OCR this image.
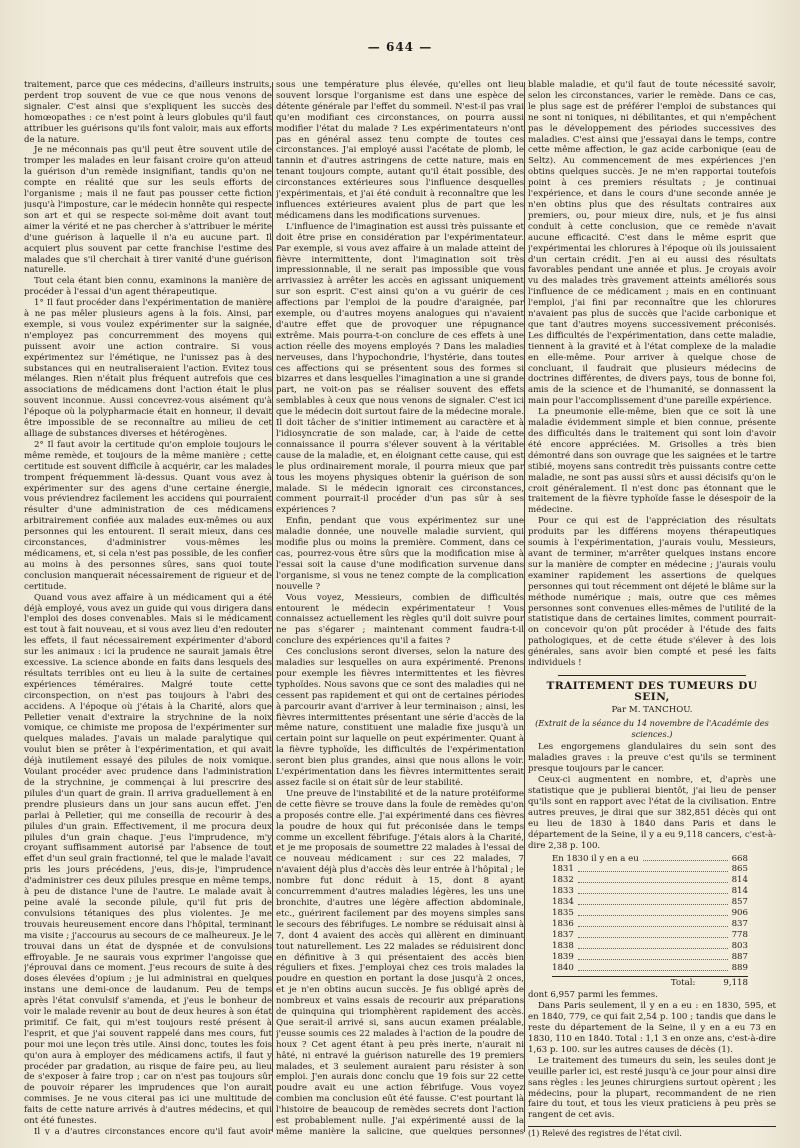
— 644 —

traitement, parce que ces médecins, d'ailleurs instruits, perdent trop souvent de vue ce que nous venons de signaler. C'est ainsi que s'expliquent les succès des homœopathes : ce n'est point à leurs globules qu'il faut attribuer les guérisons qu'ils font valoir, mais aux efforts de la nature.

Je ne méconnais pas qu'il peut être souvent utile de tromper les malades en leur faisant croire qu'on atteud la guérison d'un remède insignifiant, tandis qu'on ne compte en réalité que sur les seuls efforts de l'organisme ; mais il ne faut pas pousser cette fiction jusqu'à l'imposture, car le médecin honnête qui respecte son art et qui se respecte soi-même doit avant tout aimer la vérité et ne pas chercher à s'attribuer le mérite d'une guérison à laquelle il n'a eu aucune part. Il acquiert plus souvent par cette franchise l'estime des malades que s'il cherchait à tirer vanité d'une guérison naturelle.

Tout cela étant bien connu, examinons la manière de procéder à l'essai d'un agent thérapeutique.

1° Il faut procéder dans l'expérimentation de manière à ne pas mêler plusieurs agens à la fois. Ainsi, par exemple, si vous voulez expérimenter sur la saignée, n'employez pas concurremment des moyens qui puissent avoir une action contraire. Si vous expérimentez sur l'émétique, ne l'unissez pas à des substances qui en neutraliseraient l'action. Evitez tous mélanges. Rien n'était plus fréquent autrefois que ces associations de médicamens dont l'action était le plus souvent inconnue. Aussi concevrez-vous aisément qu'à l'époque où la polypharmacie était en honneur, il devait être impossible de se reconnaître au milieu de cet alliage de substances diverses et hétérogènes.

2° Il faut avoir la certitude qu'on emploie toujours le même remède, et toujours de la même manière ; cette certitude est souvent difficile à acquérir, car les malades trompent fréquemment là-dessus. Quant vous avez à expérimenter sur des agens d'une certaine énergie, vous préviendrez facilement les accidens qui pourraient résulter d'une administration de ces médicamens arbitrairement confiée aux malades eux-mêmes ou aux personnes qui les entourent. Il serait mieux, dans ces circonstances, d'administrer vous-mêmes les médicamens, et, si cela n'est pas possible, de les confier au moins à des personnes sûres, sans quoi toute conclusion manquerait nécessairement de rigueur et de certitude.

Quand vous avez affaire à un médicament qui a été déjà employé, vous avez un guide qui vous dirigera dans l'emploi des doses convenables. Mais si le médicament est tout à fait nouveau, et si vous avez lieu d'en redouter les effets, il faut nécessairement expérimenter d'abord sur les animaux : ici la prudence ne saurait jamais être excessive. La science abonde en faits dans lesquels des résultats terribles ont eu lieu à la suite de certaines expériences téméraires. Malgré toute cette circonspection, on n'est pas toujours à l'abri des accidens. A l'époque où j'étais à la Charité, alors que Pelletier venait d'extraire la strychnine de la noix vomique, ce chimiste me proposa de l'expérimenter sur quelques malades. J'avais un malade paralytique qui voulut bien se prêter à l'expérimentation, et qui avait déjà inutilement essayé des pilules de noix vomique. Voulant procéder avec prudence dans l'administration de la strychnine, je commençai à lui prescrire des pilules d'un quart de grain. Il arriva graduellement à en prendre plusieurs dans un jour sans aucun effet. J'en parlai à Pelletier, qui me conseilla de recourir à des pilules d'un grain. Effectivement, il me procura deux pilules d'un grain chaque. J'eus l'imprudence, m'y croyant suffisamment autorisé par l'absence de tout effet d'un seul grain fractionné, tel que le malade l'avait pris les jours précédens, j'eus, dis-je, l'imprudence d'administrer ces deux pilules presque en même temps, à peu de distance l'une de l'autre. Le malade avait à peine avalé la seconde pilule, qu'il fut pris de convulsions tétaniques des plus violentes. Je me trouvais heureusement encore dans l'hôpital, terminant ma visite ; j'accourus au secours de ce malheureux. Je le trouvai dans un état de dyspnée et de convulsions effroyable. Je ne saurais vous exprimer l'angoisse que j'éprouvai dans ce moment. J'eus recours de suite à des doses élevées d'opium ; je lui administrai en quelques instans une demi-once de laudanum. Peu de temps après l'état convulsif s'amenda, et j'eus le bonheur de voir le malade revenir au bout de deux heures à son état primitif. Ce fait, qui m'est toujours resté présent à l'esprit, et que j'ai souvent rappelé dans mes cours, fut pour moi une leçon très utile. Ainsi donc, toutes les fois qu'on aura à employer des médicamens actifs, il faut y procéder par gradation, au risque de faire peu, au lieu de s'exposer à faire trop ; car on n'est pas toujours sûr de pouvoir réparer les imprudences que l'on aurait commises. Je ne vous citerai pas ici une multitude de faits de cette nature arrivés à d'autres médecins, et qui ont été funestes.

Il y a d'autres circonstances encore qu'il faut avoir

sous une température plus élevée, qu'elles ont lieu souvent lorsque l'organisme est dans une espèce de détente générale par l'effet du sommeil. N'est-il pas vrai qu'en modifiant ces circonstances, on pourra aussi modifier l'état du malade ? Les expérimentateurs n'ont pas en général assez tenu compte de toutes ces circonstances. J'ai employé aussi l'acétate de plomb, le tannin et d'autres astringens de cette nature, mais en tenant toujours compte, autant qu'il était possible, des circonstances extérieures sous l'influence desquelles j'expérimentais, et j'ai été conduit à reconnaître que les influences extérieures avaient plus de part que les médicamens dans les modifications survenues.

L'influence de l'imagination est aussi très puissante et doit être prise en considération par l'expérimentateur. Par exemple, si vous avez affaire à un malade atteint de fièvre intermittente, dont l'imagination soit très impressionnable, il ne serait pas impossible que vous arrivassiez à arrêter les accès en agissant uniquement sur son esprit. C'est ainsi qu'on a vu guérir de ces affections par l'emploi de la poudre d'araignée, par exemple, ou d'autres moyens analogues qui n'avaient d'autre effet que de provoquer une répugnance extrême. Mais pourra-t-on conclure de ces effets à une action réelle des moyens employés ? Dans les maladies nerveuses, dans l'hypochondrie, l'hystérie, dans toutes ces affections qui se présentent sous des formes si bizarres et dans lesquelles l'imagination a une si grande part, ne voit-on pas se réaliser souvent des effets semblables à ceux que nous venons de signaler. C'est ici que le médecin doit surtout faire de la médecine morale. Il doit tâcher de s'initier intimement au caractère et à l'idiosyncratie de son malade, car, à l'aide de cette connaissance il pourra s'élever souvent à la véritable cause de la maladie, et, en éloignant cette cause, qui est le plus ordinairement morale, il pourra mieux que par tous les moyens physiques obtenir la guérison de son malade. Si le médecin ignorait ces circonstances, comment pourrait-il procéder d'un pas sûr à ses expériences ?

Enfin, pendant que vous expérimentez sur une maladie donnée, une nouvelle maladie survient, qui modifie plus ou moins la première. Comment, dans ce cas, pourrez-vous être sûrs que la modification mise à l'essai soit la cause d'une modification survenue dans l'organisme, si vous ne tenez compte de la complication nouvelle ?

Vous voyez, Messieurs, combien de difficultés entourent le médecin expérimentateur ! Vous connaissez actuellement les règles qu'il doit suivre pour ne pas s'égarer ; maintenant comment faudra-t-il conclure des expériences qu'il a faites ?

Ces conclusions seront diverses, selon la nature des maladies sur lesquelles on aura expérimenté. Prenons pour exemple les fièvres intermittentes et les fièvres typhoïdes. Nous savons que ce sont des maladies qui ne cessent pas rapidement et qui ont de certaines périodes à parcourir avant d'arriver à leur terminaison ; ainsi, les fièvres intermittentes présentant une série d'accès de la même nature, constituent une maladie fixe jusqu'à un certain point sur laquelle on peut expérimenter. Quant à la fièvre typhoïde, les difficultés de l'expérimentation seront bien plus grandes, ainsi que nous allons le voir. L'expérimentation dans les fièvres intermittentes serait assez facile si on était sûr de leur stabilité.

Une preuve de l'instabilité et de la nature protéiforme de cette fièvre se trouve dans la foule de remèdes qu'on a proposés contre elle. J'ai expérimenté dans ces fièvres la poudre de houx qui fut préconisée dans le temps comme un excellent fébrifuge. J'étais alors à la Charité, et je me proposais de soumettre 22 malades à l'essai de ce nouveau médicament : sur ces 22 malades, 7 n'avaient déjà plus d'accès dès leur entrée à l'hôpital ; le nombre fut donc réduit à 15, dont 8 ayant concurremment d'autres maladies légères, les uns une bronchite, d'autres une légère affection abdominale, etc., guérirent facilement par des moyens simples sans le secours des fébrifuges. Le nombre se réduisait ainsi à 7, dont 4 avaient des accès qui allèrent en diminuant tout naturellement. Les 22 malades se réduisirent donc en définitive à 3 qui présentaient des accès bien réguliers et fixes. J'employai chez ces trois malades la poudre en question en portant la dose jusqu'à 2 onces, et je n'en obtins aucun succès. Je fus obligé après de nombreux et vains essais de recourir aux préparations de quinquina qui triomphèrent rapidement des accès. Que serait-il arrivé si, sans aucun examen préalable, j'eusse soumis ces 22 malades à l'action de la poudre de houx ? Cet agent étant à peu près inerte, n'aurait ni hâté, ni entravé la guérison naturelle des 19 premiers malades, et 3 seulement auraient paru résister à son emploi. J'en aurais donc conclu que 19 fois sur 22 cette poudre avait eu une action fébrifuge. Vous voyez combien ma conclusion eût été fausse. C'est pourtant là l'histoire de beaucoup de remèdes secrets dont l'action est probablement nulle. J'ai expérimenté aussi de la même manière la salicine, que quelques personnes

blable maladie, et qu'il faut de toute nécessité savoir, selon les circonstances, varier le remède. Dans ce cas, le plus sage est de préférer l'emploi de substances qui ne sont ni toniques, ni débilitantes, et qui n'empêchent pas le développement des périodes successives des maladies. C'est ainsi que j'essayai dans le temps, contre cette même affection, le gaz acide carbonique (eau de Seltz). Au commencement de mes expériences j'en obtins quelques succès. Je ne m'en rapportai toutefois point à ces premiers résultats ; je continuai l'expérience, et dans le cours d'une seconde année je n'en obtins plus que des résultats contraires aux premiers, ou, pour mieux dire, nuls, et je fus ainsi conduit à cette conclusion, que ce remède n'avait aucune efficacité. C'est dans le même esprit que j'expérimentai les chlorures à l'époque où ils jouissaient d'un certain crédit. J'en ai eu aussi des résultats favorables pendant une année et plus. Je croyais avoir vu des malades très gravement atteints améliorés sous l'influence de ce médicament ; mais en en continuant l'emploi, j'ai fini par reconnaître que les chlorures n'avaient pas plus de succès que l'acide carbonique et que tant d'autres moyens successivement préconisés. Les difficultés de l'expérimentation, dans cette maladie, tiennent à la gravité et à l'état complexe de la maladie en elle-même. Pour arriver à quelque chose de concluant, il faudrait que plusieurs médecins de doctrines différentes, de divers pays, tous de bonne foi, amis de la science et de l'humanité, se donnassent la main pour l'accomplissement d'une pareille expérience.

La pneumonie elle-même, bien que ce soit là une maladie évidemment simple et bien connue, présente des difficultés dans le traitement qui sont loin d'avoir été encore appréciées. M. Grisolles a très bien démontré dans son ouvrage que les saignées et le tartre stibié, moyens sans contredit très puissants contre cette maladie, ne sont pas aussi sûrs et aussi décisifs qu'on le croit généralement. Il n'est donc pas étonnant que le traitement de la fièvre typhoïde fasse le désespoir de la médecine.

Pour ce qui est de l'appréciation des résultats produits par les différens moyens thérapeutiques soumis à l'expérimentation, j'aurais voulu, Messieurs, avant de terminer, m'arrêter quelques instans encore sur la manière de compter en médecine ; j'aurais voulu examiner rapidement les assertions de quelques personnes qui tout récemment ont déjeté le blâme sur la méthode numérique ; mais, outre que ces mêmes personnes sont convenues elles-mêmes de l'utilité de la statistique dans de certaines limites, comment pourrait-on concevoir qu'on pût procéder à l'étude des faits pathologiques, et de cette étude s'élever à des lois générales, sans avoir bien compté et pesé les faits individuels !

TRAITEMENT DES TUMEURS DU SEIN,
Par M. TANCHOU.
(Extrait de la séance du 14 novembre de l'Académie des sciences.)

Les engorgemens glandulaires du sein sont des maladies graves : la preuve c'est qu'ils se terminent presque toujours par le cancer.

Ceux-ci augmentent en nombre, et, d'après une statistique que je publierai bientôt, j'ai lieu de penser qu'ils sont en rapport avec l'état de la civilisation. Entre autres preuves, je dirai que sur 382,851 décès qui ont eu lieu de 1830 à 1840 dans Paris et dans le département de la Seine, il y a eu 9,118 cancers, c'est-à-dire 2,38 p. 100.

En 1830 il y en a eu	668
1831	865
1832	814
1833	814
1834	857
1835	906
1836	837
1837	778
1838	803
1839	887
1840	889
Total:	9,118

dont 6,957 parmi les femmes.

Dans Paris seulement, il y en a eu : en 1830, 595, et en 1840, 779, ce qui fait 2,54 p. 100 ; tandis que dans le reste du département de la Seine, il y en a eu 73 en 1830, 110 en 1840. Total : 1,1 3 en onze ans, c'est-à-dire 1,63 p. 100. sur les autres causes de décès (1).

Le traitement des tumeurs du sein, les seules dont je veuille parler ici, est resté jusqu'à ce jour pour ainsi dire sans règles : les jeunes chirurgiens surtout opèrent ; les médecins, pour la plupart, recommandent de ne rien faire du tout, et tous les vieux praticiens à peu près se rangent de cet avis.

(1) Relevé des registres de l'état civil.
